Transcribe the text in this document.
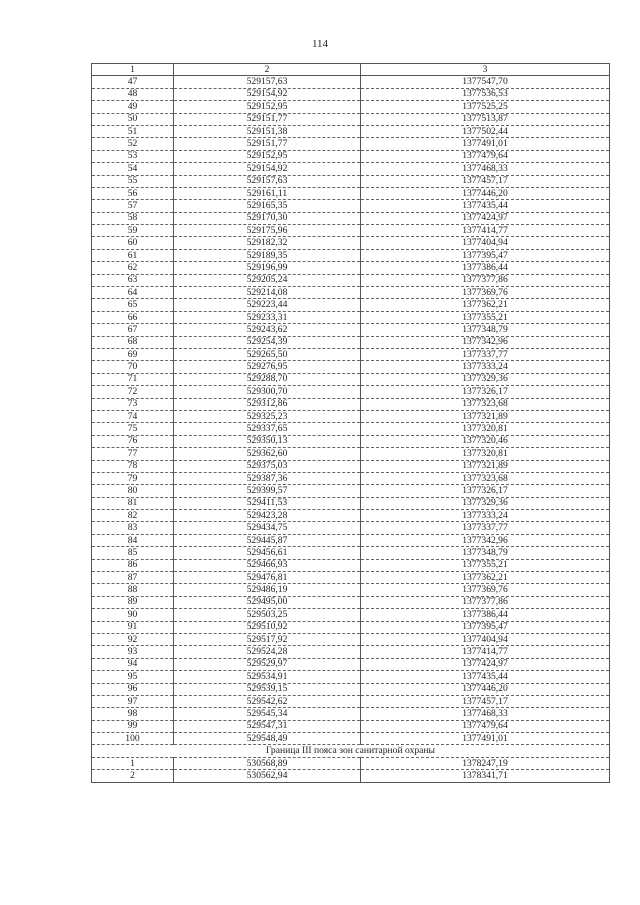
114
1	2	3
47	529157,63	1377547,70
48	529154,92	1377536,53
49	529152,95	1377525,25
50	529151,77	1377513,87
51	529151,38	1377502,44
52	529151,77	1377491,01
53	529152,95	1377479,64
54	529154,92	1377468,33
55	529157,63	1377457,17
56	529161,11	1377446,20
57	529165,35	1377435,44
58	529170,30	1377424,97
59	529175,96	1377414,77
60	529182,32	1377404,94
61	529189,35	1377395,47
62	529196,99	1377386,44
63	529205,24	1377377,86
64	529214,08	1377369,76
65	529223,44	1377362,21
66	529233,31	1377355,21
67	529243,62	1377348,79
68	529254,39	1377342,96
69	529265,50	1377337,77
70	529276,95	1377333,24
71	529288,70	1377329,36
72	529300,70	1377326,17
73	529312,86	1377323,68
74	529325,23	1377321,89
75	529337,65	1377320,81
76	529350,13	1377320,46
77	529362,60	1377320,81
78	529375,03	1377321,89
79	529387,36	1377323,68
80	529399,57	1377326,17
81	529411,53	1377329,36
82	529423,28	1377333,24
83	529434,75	1377337,77
84	529445,87	1377342,96
85	529456,61	1377348,79
86	529466,93	1377355,21
87	529476,81	1377362,21
88	529486,19	1377369,76
89	529495,00	1377377,86
90	529503,25	1377386,44
91	529510,92	1377395,47
92	529517,92	1377404,94
93	529524,28	1377414,77
94	529529,97	1377424,97
95	529534,91	1377435,44
96	529539,15	1377446,20
97	529542,62	1377457,17
98	529545,34	1377468,33
99	529547,31	1377479,64
100	529548,49	1377491,01
Граница III пояса зон санитарной охраны		
1	530568,89	1378247,19
2	530562,94	1378341,71
